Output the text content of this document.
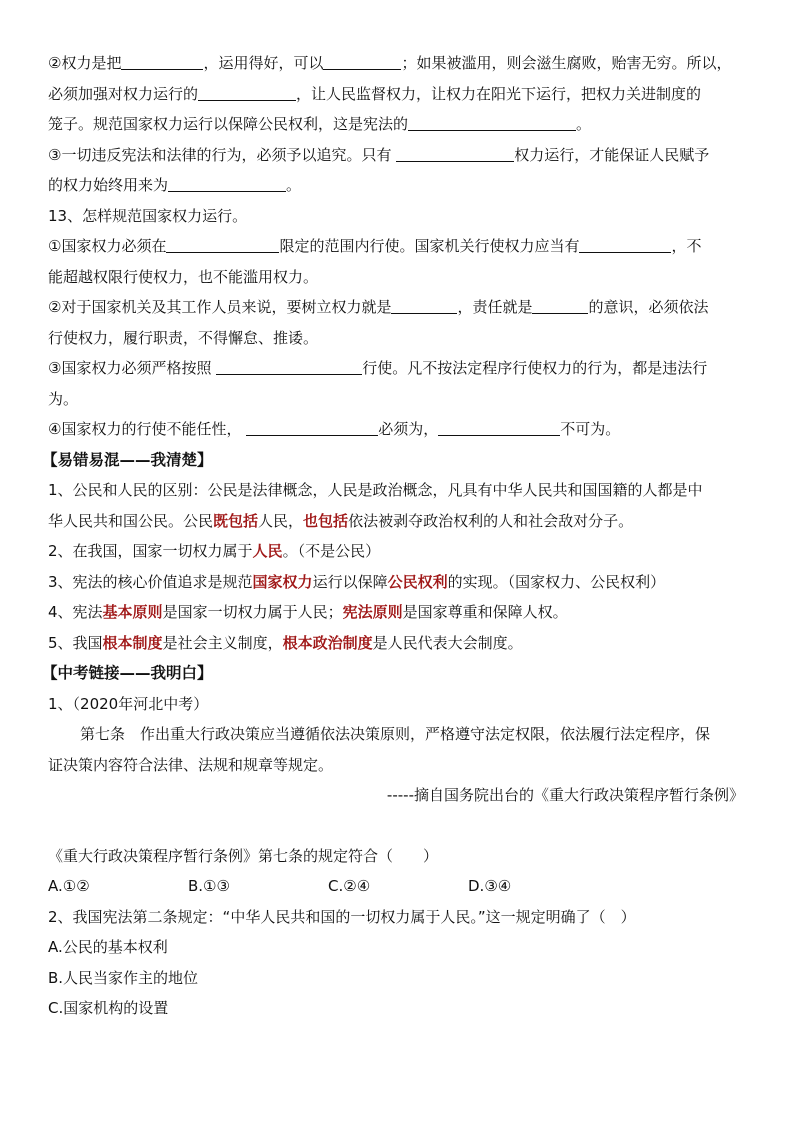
②权力是把	，运用得好，可以	；如果被滥用，则会滋生腐败，贻害无穷。所以，
必须加强对权力运行的	，让人民监督权力，让权力在阳光下运行，把权力关进制度的
笼子。规范国家权力运行以保障公民权利，这是宪法的	。
③一切违反宪法和法律的行为，必须予以追究。只有	权力运行，才能保证人民赋予
的权力始终用来为	。
13、怎样规范国家权力运行。
①国家权力必须在	限定的范围内行使。国家机关行使权力应当有	，不
能超越权限行使权力，也不能滥用权力。
②对于国家机关及其工作人员来说，要树立权力就是	，责任就是	的意识，必须依法
行使权力，履行职责，不得懈怠、推诿。
③国家权力必须严格按照	行使。凡不按法定程序行使权力的行为，都是违法行
为。
④国家权力的行使不能任性，	必须为，	不可为。
【易错易混——我清楚】
1、公民和人民的区别：公民是法律概念，人民是政治概念，凡具有中华人民共和国国籍的人都是中
华人民共和国公民。公民既包括人民，也包括依法被剥夺政治权利的人和社会敌对分子。
2、在我国，国家一切权力属于人民。（不是公民）
3、宪法的核心价值追求是规范国家权力运行以保障公民权利的实现。（国家权力、公民权利）
4、宪法基本原则是国家一切权力属于人民；宪法原则是国家尊重和保障人权。
5、我国根本制度是社会主义制度，根本政治制度是人民代表大会制度。
【中考链接——我明白】
1、（2020年河北中考）
第七条　作出重大行政决策应当遵循依法决策原则，严格遵守法定权限，依法履行法定程序，保
证决策内容符合法律、法规和规章等规定。
-----摘自国务院出台的《重大行政决策程序暂行条例》
《重大行政决策程序暂行条例》第七条的规定符合（　　）
A.①②	B.①③	C.②④	D.③④
2、我国宪法第二条规定：“中华人民共和国的一切权力属于人民。”这一规定明确了（　）
A.公民的基本权利
B.人民当家作主的地位
C.国家机构的设置
